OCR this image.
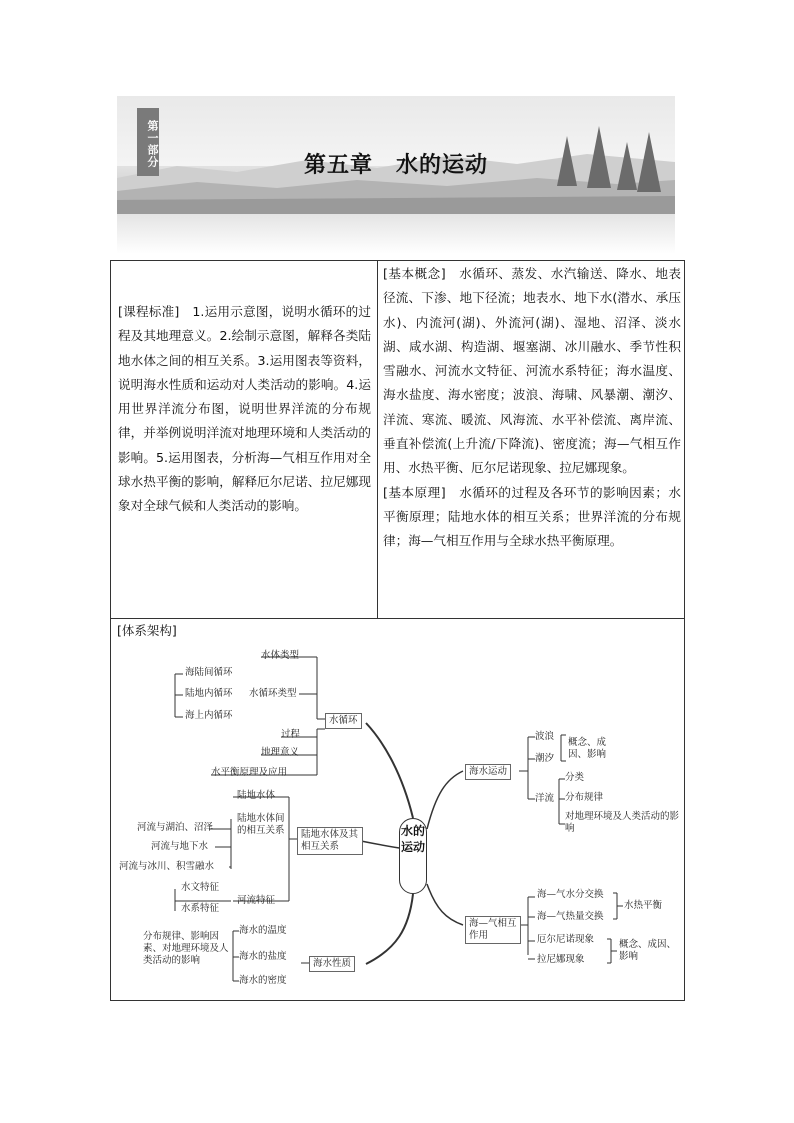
第一部分	第五章　水的运动
[课程标准]　 1.运用示意图，说明水循环的过程及其地理意义。2.绘制示意图，解释各类陆地水体之间的相互关系。3.运用图表等资料，说明海水性质和运动对人类活动的影响。4.运用世界洋流分布图，说明世界洋流的分布规律，并举例说明洋流对地理环境和人类活动的影响。5.运用图表，分析海—气相互作用对全球水热平衡的影响，解释厄尔尼诺、拉尼娜现象对全球气候和人类活动的影响。
[基本概念]　 水循环、蒸发、水汽输送、降水、地表径流、下渗、地下径流；地表水、地下水(潜水、承压水)、内流河(湖)、外流河(湖)、湿地、沼泽、淡水湖、咸水湖、构造湖、堰塞湖、冰川融水、季节性积雪融水、河流水文特征、河流水系特征；海水温度、海水盐度、海水密度；波浪、海啸、风暴潮、潮汐、洋流、寒流、暖流、风海流、水平补偿流、离岸流、垂直补偿流(上升流/下降流)、密度流；海—气相互作用、水热平衡、厄尔尼诺现象、拉尼娜现象。
[基本原理]　 水循环的过程及各环节的影响因素；水平衡原理；陆地水体的相互关系；世界洋流的分布规律；海—气相互作用与全球水热平衡原理。
[体系架构]
水的运动
水体类型
海陆间循环
陆地内循环
海上内循环
水循环类型
水循环
过程
地理意义
水平衡原理及应用
陆地水体
陆地水体间的相互关系
河流与湖泊、沼泽
河流与地下水
河流与冰川、积雪融水
陆地水体及其相互关系
水文特征
水系特征
河流特征
分布规律、影响因素、对地理环境及人类活动的影响
海水的温度
海水的盐度
海水的密度
海水性质
海水运动
波浪
潮汐
概念、成因、影响
洋流
分类
分布规律
对地理环境及人类活动的影响
海—气相互作用
海—气水分交换
海—气热量交换
水热平衡
厄尔尼诺现象
拉尼娜现象
概念、成因、影响
